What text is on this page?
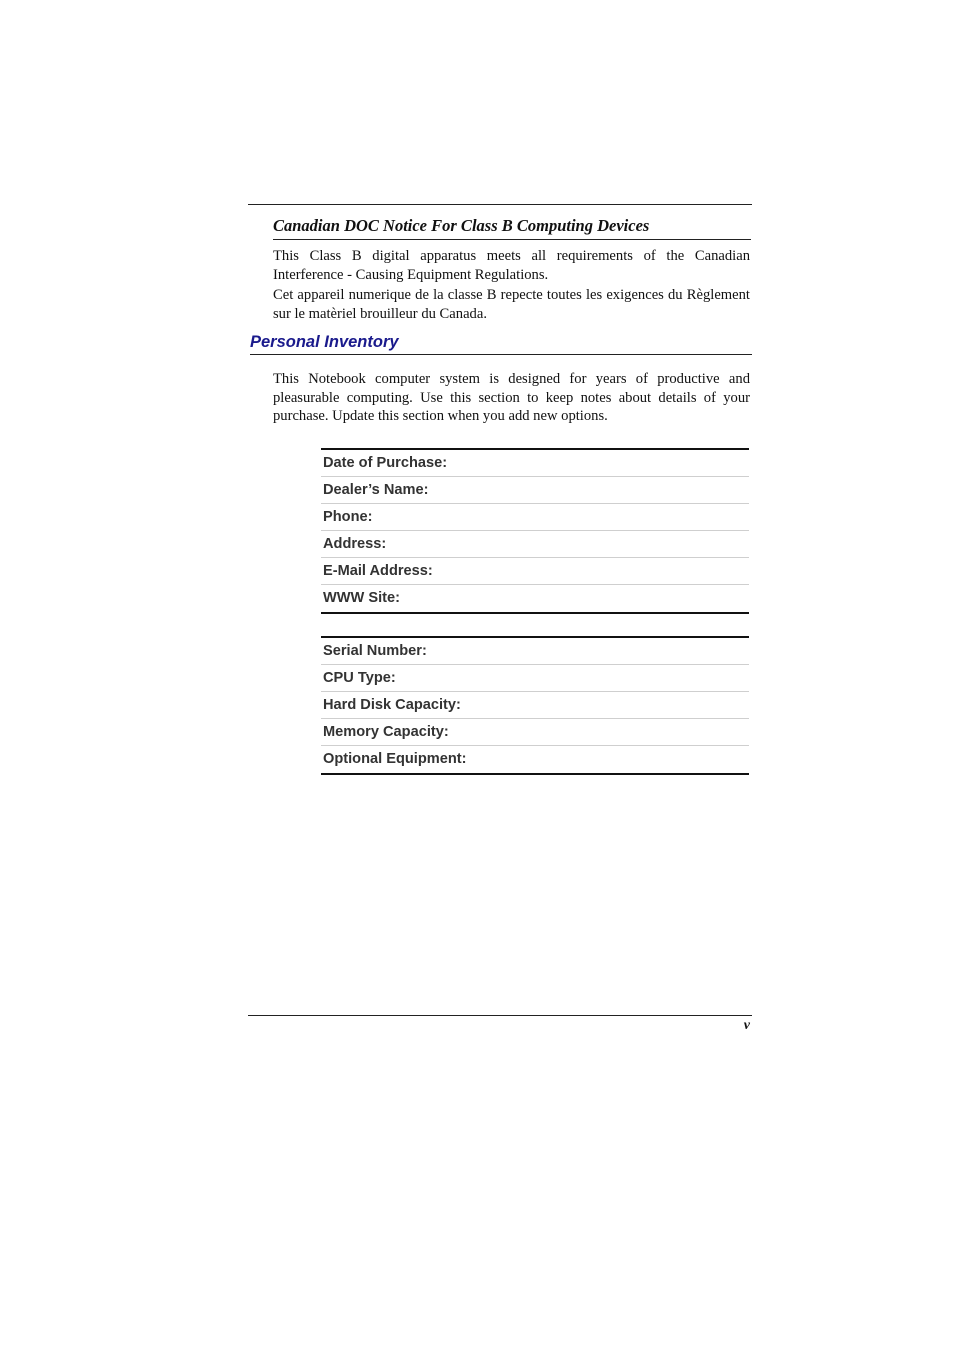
Canadian DOC Notice For Class B Computing Devices

This Class B digital apparatus meets all requirements of the Canadian Interference - Causing Equipment Regulations.

Cet appareil numerique de la classe B repecte toutes les exigences du Règlement sur le matèriel brouilleur du Canada.

Personal Inventory

This Notebook computer system is designed for years of productive and pleasurable computing. Use this section to keep notes about details of your purchase. Update this section when you add new options.

Date of Purchase:
Dealer’s Name:
Phone:
Address:
E-Mail Address:
WWW Site:
Serial Number:
CPU Type:
Hard Disk Capacity:
Memory Capacity:
Optional Equipment:
v
